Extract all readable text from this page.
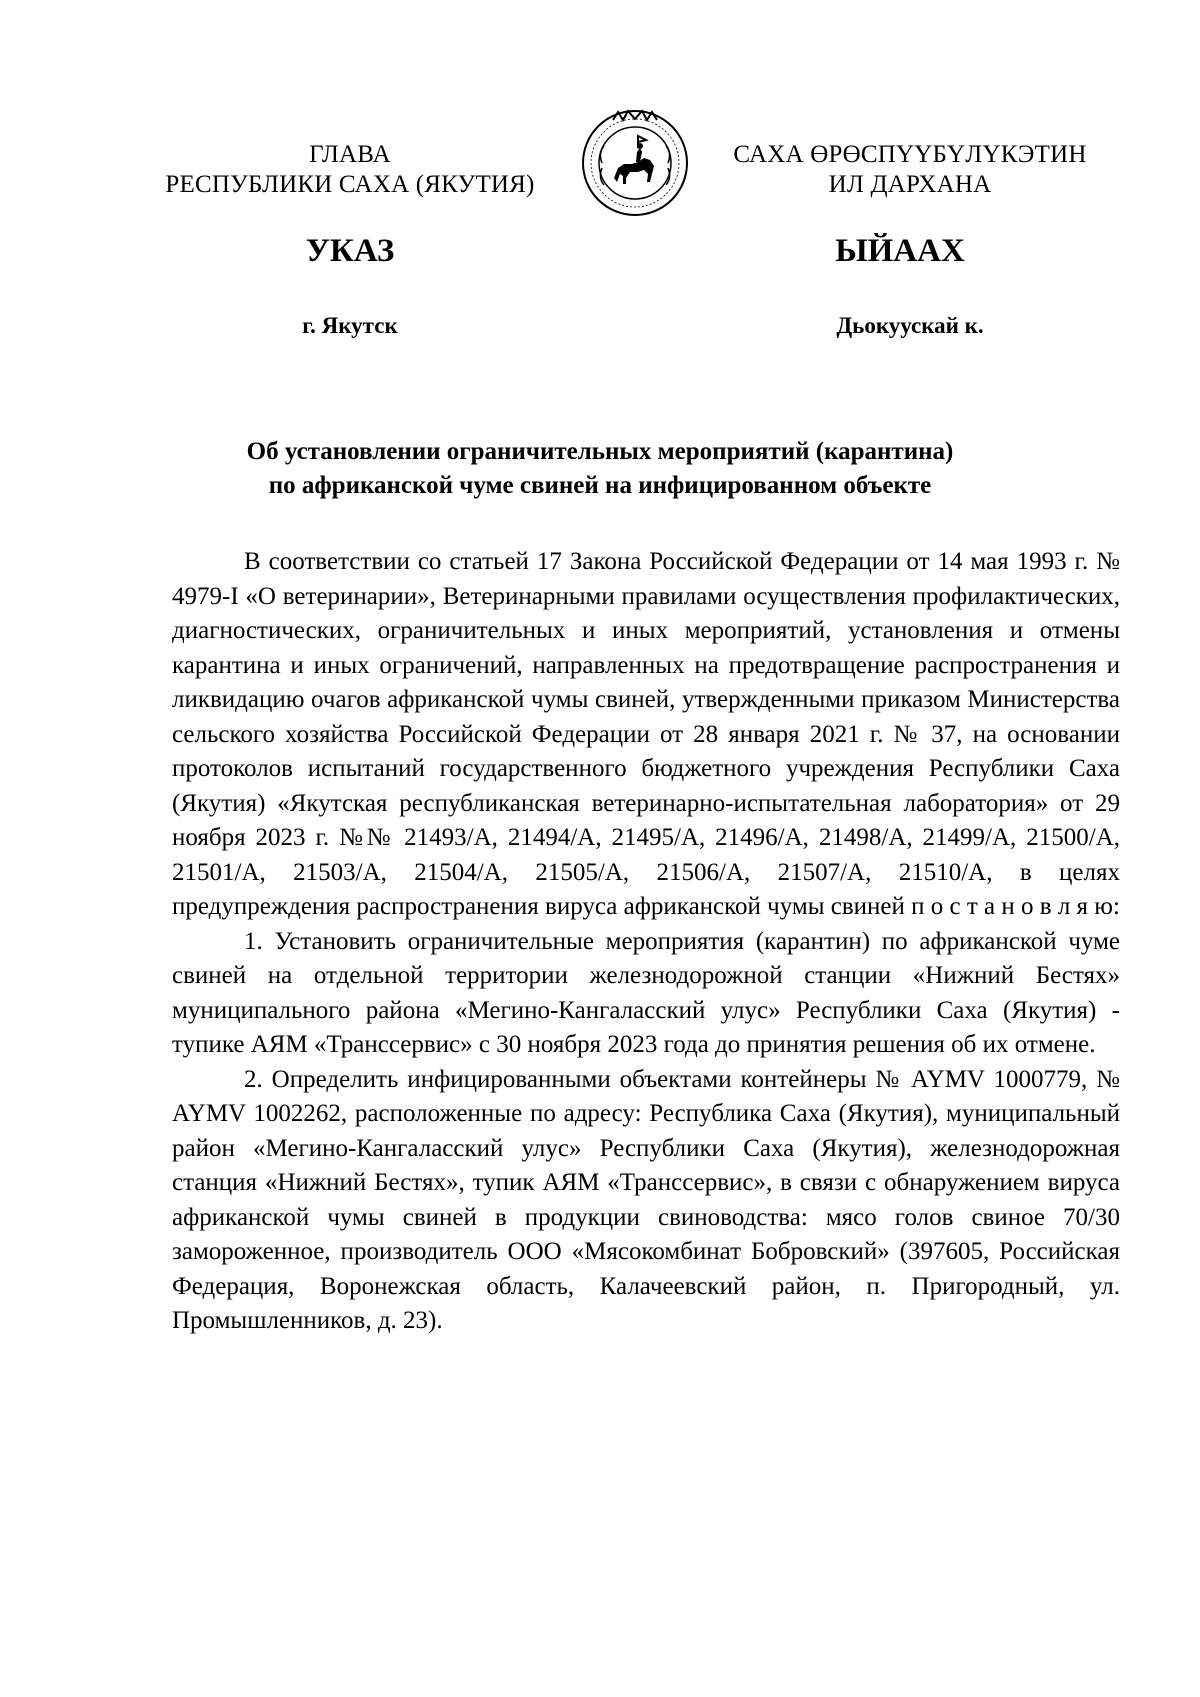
ГЛАВА
РЕСПУБЛИКИ САХА (ЯКУТИЯ)
САХА ӨРӨСПҮҮБҮЛҮКЭТИН
ИЛ ДАРХАНА
УКАЗ	ЫЙААХ
г. Якутск	Дьокуускай к.
Об установлении ограничительных мероприятий (карантина)
по африканской чуме свиней на инфицированном объекте

В соответствии со статьей 17 Закона Российской Федерации от 14 мая 1993 г. № 4979-I «О ветеринарии», Ветеринарными правилами осуществления профилактических, диагностических, ограничительных и иных мероприятий, установления и отмены карантина и иных ограничений, направленных на предотвращение распространения и ликвидацию очагов африканской чумы свиней, утвержденными приказом Министерства сельского хозяйства Российской Федерации от 28 января 2021 г. № 37, на основании протоколов испытаний государственного бюджетного учреждения Республики Саха (Якутия) «Якутская республиканская ветеринарно-испытательная лаборатория» от 29 ноября 2023 г. №№ 21493/А, 21494/А, 21495/А, 21496/А, 21498/А, 21499/А, 21500/А, 21501/А, 21503/А, 21504/А, 21505/А, 21506/А, 21507/А, 21510/А, в целях предупреждения распространения вируса африканской чумы свиней п о с т а н о в л я ю:

1. Установить ограничительные мероприятия (карантин) по африканской чуме свиней на отдельной территории железнодорожной станции «Нижний Бестях» муниципального района «Мегино-Кангаласский улус» Республики Саха (Якутия) - тупике АЯМ «Транссервис» с 30 ноября 2023 года до принятия решения об их отмене.

2. Определить инфицированными объектами контейнеры № AYMV 1000779, № AYMV 1002262, расположенные по адресу: Республика Саха (Якутия), муниципальный район «Мегино-Кангаласский улус» Республики Саха (Якутия), железнодорожная станция «Нижний Бестях», тупик АЯМ «Транссервис», в связи с обнаружением вируса африканской чумы свиней в продукции свиноводства: мясо голов свиное 70/30 замороженное, производитель ООО «Мясокомбинат Бобровский» (397605, Российская Федерация, Воронежская область, Калачеевский район, п. Пригородный, ул. Промышленников, д. 23).
